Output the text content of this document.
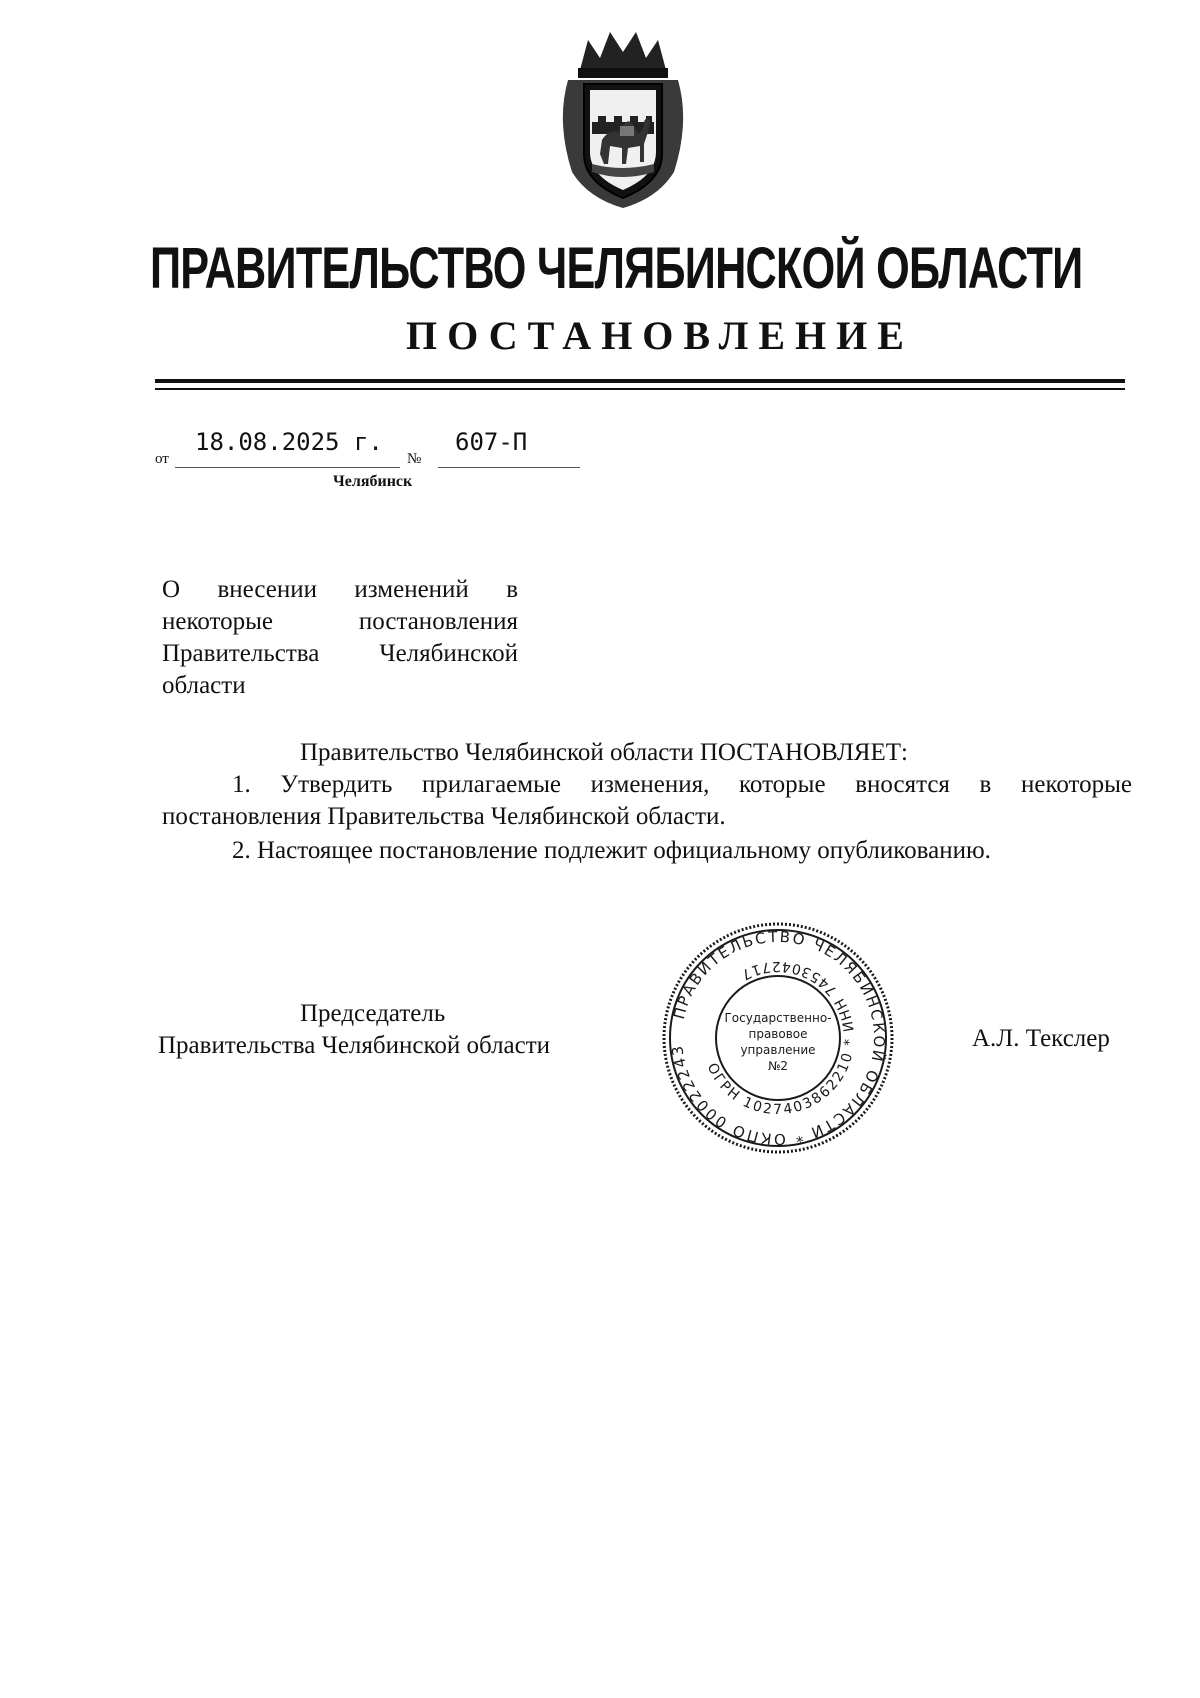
ПРАВИТЕЛЬСТВО ЧЕЛЯБИНСКОЙ ОБЛАСТИ
ПОСТАНОВЛЕНИЕ
от
18.08.2025 г.
№
607-П
Челябинск
О внесении изменений в
некоторые постановления
Правительства Челябинской
области
Правительство Челябинской области ПОСТАНОВЛЯЕТ:
1. Утвердить прилагаемые изменения, которые вносятся в некоторые постановления Правительства Челябинской области.
2. Настоящее постановление подлежит официальному опубликованию.
Председатель
Правительства Челябинской области	А.Л. Текслер
ПРАВИТЕЛЬСТВО ЧЕЛЯБИНСКОЙ ОБЛАСТИ * ОКПО 00022243
ОГРН 1027403862210 * ИНН 7453042717
Государственно-
правовое
управление
№2
